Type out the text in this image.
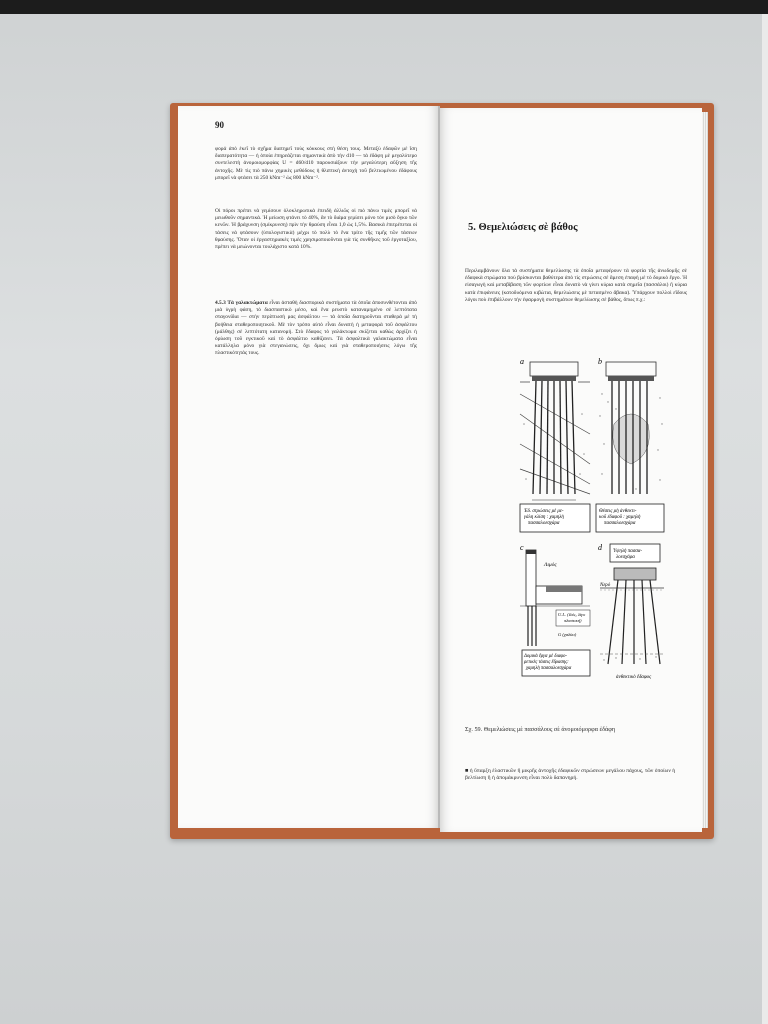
90

φορά ἀπὸ ἐκεῖ τὸ σχῆμα διατηρεῖ τοὺς κόκκους στὴ θέση τους. Μεταξὺ ἐδαφῶν μὲ ἴση διαπερατότητα — ἡ ὁποία ἐπηρεάζεται σημαντικὰ ἀπὸ τὴν d10 — τὰ ἐδάφη μὲ μεγαλύτερο συντελεστὴ ἀνομοιομορφίας U = d60/d10 παρουσιάζουν τὴν μεγαλύτερη αὔξηση τῆς ἀντοχῆς. Μὲ τὶς πιὸ πάνω χημικὲς μεθόδους ἡ θλιπτικὴ ἀντοχὴ τοῦ βελτιωμένου ἐδάφους μπορεῖ νὰ φτάσει τὰ 250 kNm⁻² ὡς 800 kNm⁻².

Οἱ πόροι πρέπει νὰ γεμίσουν ὁλοκληρωτικὰ ἐπειδὴ ἀλλιῶς οἱ πιὸ πάνω τιμὲς μπορεῖ νὰ μειωθοῦν σημαντικά. Ἡ μείωση φτάνει τὸ 40%, ἂν τὸ διάμα γεμίσει μόνο τὸν μισὸ ὄγκο τῶν κενῶν. Ἡ βράχυνση (σμίκρυνση) πρὶν τὴν θραύση εἶναι 1,0 ὡς 1,5%. Βασικὰ ἐπιτρέπεται οἱ τάσεις νὰ φτάσουν (ὑπολογιστικὰ) μέχρι τὸ πολὺ τὸ ἕνα τρίτο τῆς τιμῆς τῶν τάσεων θραύσης. Ὅταν οἱ ἐργαστηριακὲς τιμὲς χρησιμοποιοῦνται γιὰ τὶς συνθῆκες τοῦ ἐργοταξίου, πρέπει νὰ μειώνονται τουλάχιστο κατὰ 10%.

4.5.3 Τὰ γαλακτώματα εἶναι ἀσταθὴ διασπορικὰ συστήματα τὰ ὁποῖα ἀποσυνθέτονται ἀπὸ μιὰ ὑγρὴ φάση, τὸ διασπαστικὸ μέσο, καὶ ἕνα ρευστὸ καταναμημένο σὲ λεπτότατα σταγονίδια — στὴν περίπτωσή μας ἀσφάλτου — τὰ ὁποῖα διατηροῦνται σταθερὰ μὲ τὴ βοήθεια σταθεροποιητικοῦ. Μὲ τὸν τρόπο αὐτὸ εἶναι δυνατὴ ἡ μεταφορὰ τοῦ ἀσφάλτου (μάλθης) σὲ λεπτότατη κατανομή. Στὸ ἔδαφος τὸ γαλάκτωμα σκίζεται καθὼς ἀρχίζει ἡ ὁρίωση τοῦ εγκτικοῦ καὶ τὸ ἀσφάλτιο καθίζανει. Τὰ ἀσφαλτικὰ γαλακτώματα εἶναι κατάλληλα μόνο γιὰ στεγανώσεις, ὄχι ὅμως καὶ γιὰ σταθεροποιήσεις λόγω τῆς πλαστικότητάς τους.

5. Θεμελιώσεις σὲ βάθος

Περιλαμβάνουν ὅλα τὰ συστήματα θεμελίωσης τὰ ὁποῖα μεταφέρουν τὰ φορτία τῆς ἀνωδομῆς σὲ ἐδαφικὰ στρώματα ποὺ βρίσκονται βαθύτερα ἀπὸ τὶς στρώσεις σὲ ἄμεση ἐπαφὴ μὲ τὸ δομικὸ ἔργο. Ἡ εἰσαγωγὴ καὶ μεταβίβαση τῶν φορτίων εἶναι δυνατὸ νὰ γίνει κύρια κατὰ σημεῖα (πασσάλοι) ἢ κύρια κατὰ ἐπιφάνειες (κατοδυόμενα κιβώτια, θεμελιώσεις μὲ πετασμένο ἄβακα). Ὑπάρχουν πολλοὶ εἴδους λόγοι ποὺ ἐπιβάλλουν τὴν ἐφαρμογὴ συστημάτων θεμελίωσης σὲ βάθος, ὅπως π.χ.:

a
Ἐδ. στρώσεις μὲ με- γάλη κλίση : χαμηλὴ πασσαλοεσχάρα
b
Θέσεις μὴ ἀνθεκτι- κοῦ ἐδαφοῦ : χαμηλὴ πασσαλοεσχάρα
c
Λιμός
U.L. (ἰλύς, λίγο πλαστική)
G (χαλίκι)
Δομικὰ ἔργα μὲ διαφο- ρετικὲς τάσεις ἔδρασης: χαμηλὴ πασσαλοεσχάρα
d Ὑψηλὴ πασσα- λοεσχάρα
Νερό
ἀνθεκτικὸ ἔδαφος
Σχ. 59. Θεμελιώσεις μὲ πασσάλους σὲ ἀνομοιόμορφα ἐδάφη

■ ἡ ὕπαρξη ἐλαστικῶν ἢ μικρῆς ἀντοχῆς ἐδαφικῶν στρώσεων μεγάλου πάχους, τῶν ὁποίων ἡ βελτίωση ἢ ἡ ἀπομάκρυνση εἶναι πολὺ δαπανηρή.
